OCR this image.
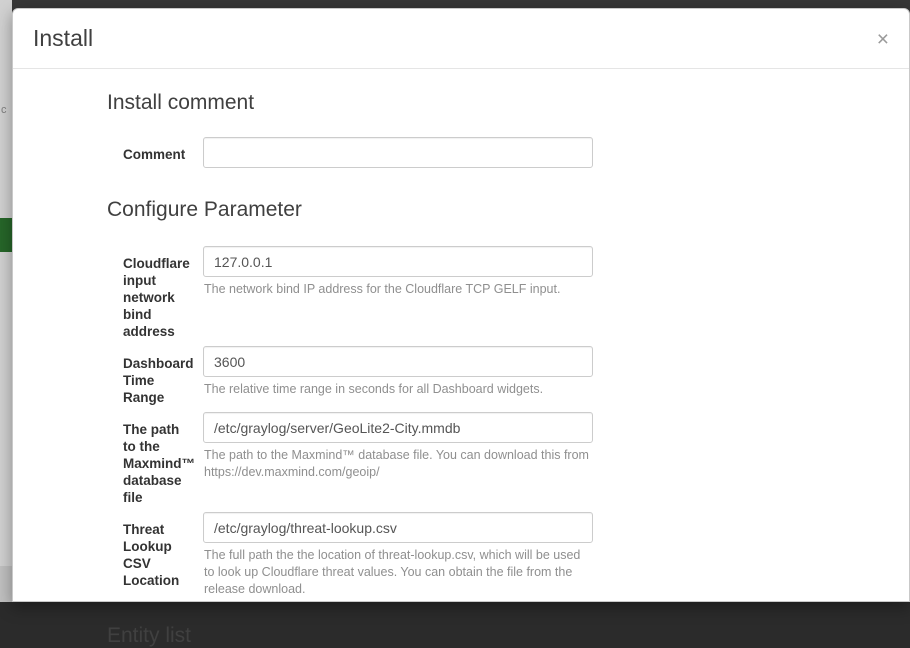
c
Install	×
Install comment
Comment
Configure Parameter
Cloudflare input network bind address
127.0.0.1
The network bind IP address for the Cloudflare TCP GELF input.
Dashboard Time Range
3600
The relative time range in seconds for all Dashboard widgets.
The path to the Maxmind™ database file
/etc/graylog/server/GeoLite2-City.mmdb
The path to the Maxmind™ database file. You can download this from https://dev.maxmind.com/geoip/
Threat Lookup CSV Location
/etc/graylog/threat-lookup.csv
The full path the the location of threat-lookup.csv, which will be used to look up Cloudflare threat values. You can obtain the file from the release download.
Entity list
